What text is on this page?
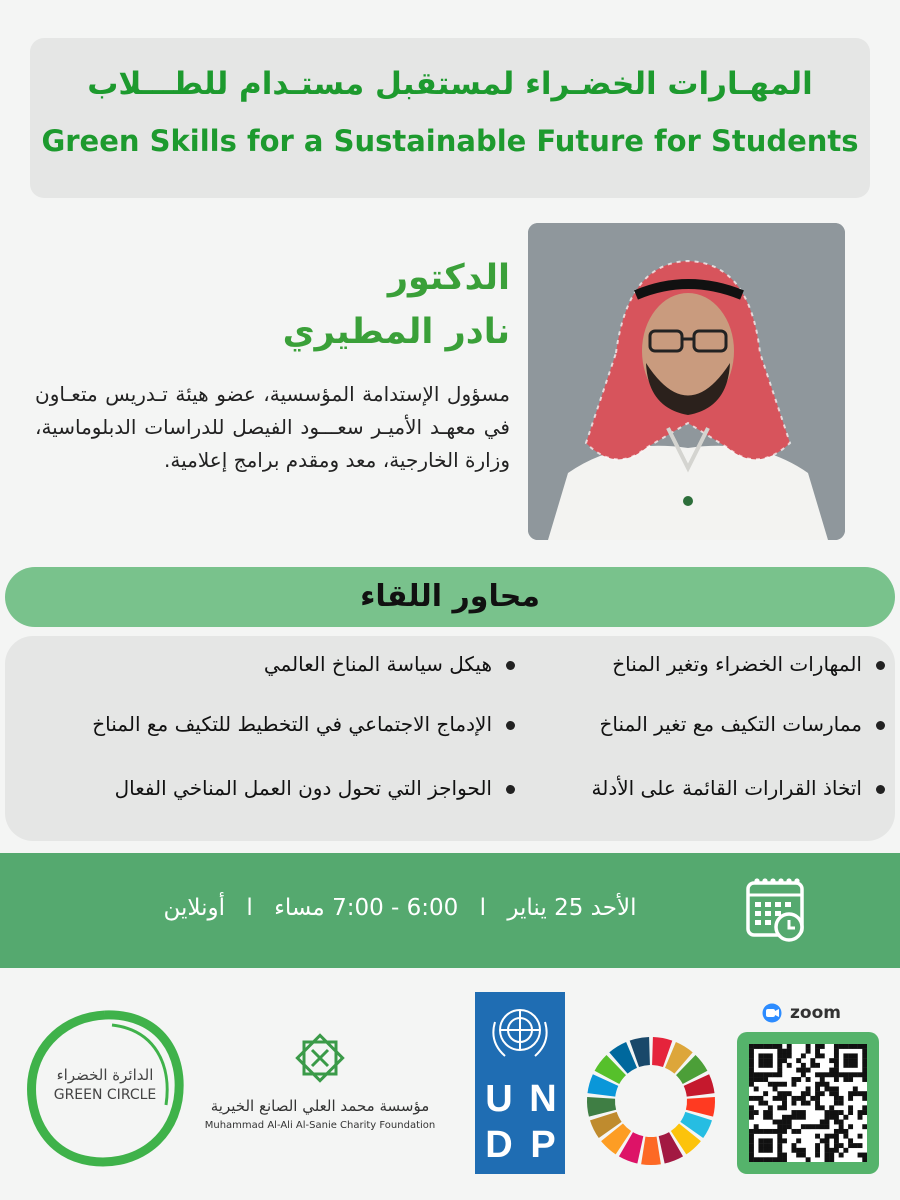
المهـارات الخضـراء لمستقبل مستـدام للطـــلاب
Green Skills for a Sustainable Future for Students
الدكتور
نادر المطيري
مسؤول الإستدامة المؤسسية، عضو هيئة تـدريس متعـاون في معهـد الأميـر سعـــود الفيصل للدراسات الدبلوماسية، وزارة الخارجية، معد ومقدم برامج إعلامية.
محاور اللقاء
المهارات الخضراء وتغير المناخ
ممارسات التكيف مع تغير المناخ
اتخاذ القرارات القائمة على الأدلة
هيكل سياسة المناخ العالمي
الإدماج الاجتماعي في التخطيط للتكيف مع المناخ
الحواجز التي تحول دون العمل المناخي الفعال
الأحد 25 يناير ا 6:00 - 7:00 مساء ا أونلاين
الدائرة الخضراء
GREEN CIRCLE
مؤسسة محمد العلي الصانع الخيرية
Muhammad Al-Ali Al-Sanie Charity Foundation
U N
D P
zoom
